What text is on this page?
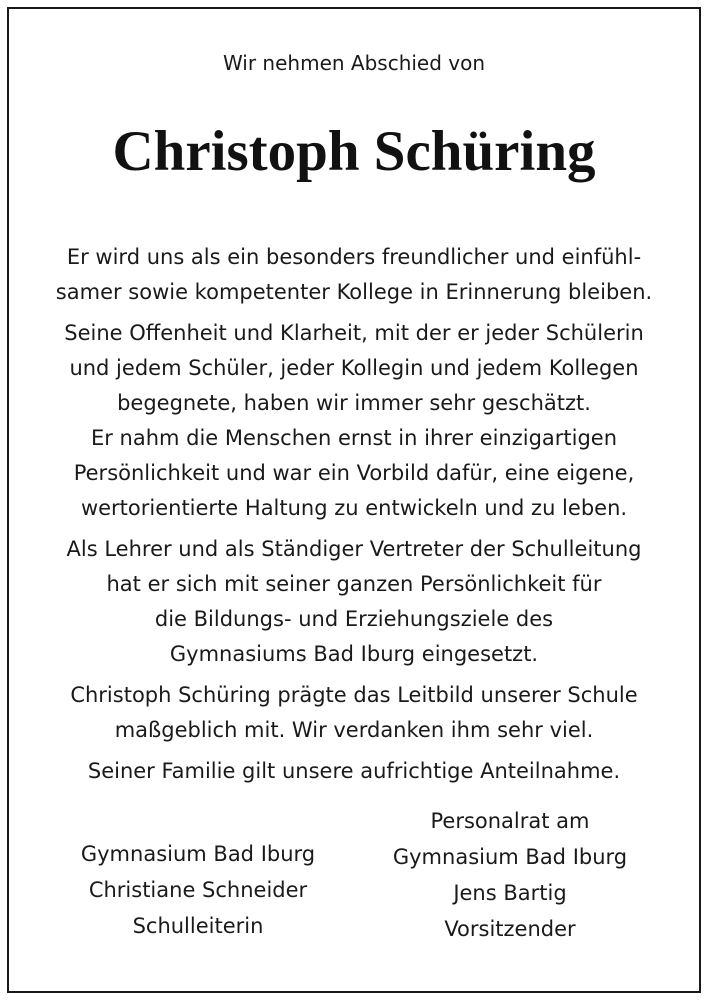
Wir nehmen Abschied von
Christoph Schüring
Er wird uns als ein besonders freundlicher und einfühl-
samer sowie kompetenter Kollege in Erinnerung bleiben.
Seine Offenheit und Klarheit, mit der er jeder Schülerin
und jedem Schüler, jeder Kollegin und jedem Kollegen
begegnete, haben wir immer sehr geschätzt.
Er nahm die Menschen ernst in ihrer einzigartigen
Persönlichkeit und war ein Vorbild dafür, eine eigene,
wertorientierte Haltung zu entwickeln und zu leben.
Als Lehrer und als Ständiger Vertreter der Schulleitung
hat er sich mit seiner ganzen Persönlichkeit für
die Bildungs- und Erziehungsziele des
Gymnasiums Bad Iburg eingesetzt.
Christoph Schüring prägte das Leitbild unserer Schule
maßgeblich mit. Wir verdanken ihm sehr viel.
Seiner Familie gilt unsere aufrichtige Anteilnahme.
Gymnasium Bad Iburg
Christiane Schneider
Schulleiterin
Personalrat am
Gymnasium Bad Iburg
Jens Bartig
Vorsitzender
